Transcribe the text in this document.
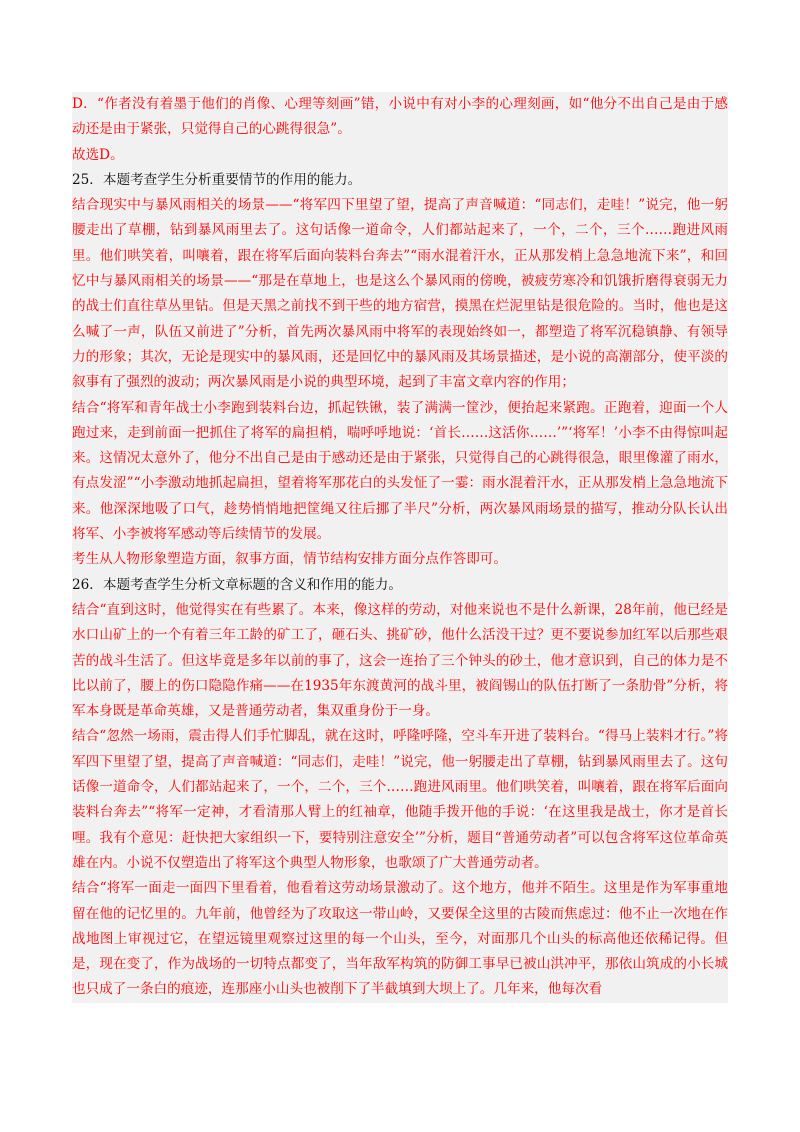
D．“作者没有着墨于他们的肖像、心理等刻画”错，小说中有对小李的心理刻画，如“他分不出自己是由于感动还是由于紧张，只觉得自己的心跳得很急”。

故选D。

25．本题考查学生分析重要情节的作用的能力。

结合现实中与暴风雨相关的场景——“将军四下里望了望，提高了声音喊道：“同志们，走哇！”说完，他一躬腰走出了草棚，钻到暴风雨里去了。这句话像一道命令，人们都站起来了，一个，二个，三个……跑进风雨里。他们哄笑着，叫嚷着，跟在将军后面向装料台奔去”“雨水混着汗水，正从那发梢上急急地流下来”，和回忆中与暴风雨相关的场景——“那是在草地上，也是这么个暴风雨的傍晚，被疲劳寒冷和饥饿折磨得衰弱无力的战士们直往草丛里钻。但是天黑之前找不到干些的地方宿营，摸黑在烂泥里钻是很危险的。当时，他也是这么喊了一声，队伍又前进了”分析，首先两次暴风雨中将军的表现始终如一，都塑造了将军沉稳镇静、有领导力的形象；其次，无论是现实中的暴风雨，还是回忆中的暴风雨及其场景描述，是小说的高潮部分，使平淡的叙事有了强烈的波动；两次暴风雨是小说的典型环境，起到了丰富文章内容的作用；

结合“将军和青年战士小李跑到装料台边，抓起铁锹，装了满满一筐沙，便抬起来紧跑。正跑着，迎面一个人跑过来，走到前面一把抓住了将军的扁担梢，喘呼呼地说：‘首长……这活你……’”‘将军！’小李不由得惊叫起来。这情况太意外了，他分不出自己是由于感动还是由于紧张，只觉得自己的心跳得很急，眼里像灌了雨水，有点发涩”“小李激动地抓起扁担，望着将军那花白的头发怔了一霎：雨水混着汗水，正从那发梢上急急地流下来。他深深地吸了口气，趁势悄悄地把筐绳又往后挪了半尺”分析，两次暴风雨场景的描写，推动分队长认出将军、小李被将军感动等后续情节的发展。

考生从人物形象塑造方面，叙事方面，情节结构安排方面分点作答即可。

26．本题考查学生分析文章标题的含义和作用的能力。

结合“直到这时，他觉得实在有些累了。本来，像这样的劳动，对他来说也不是什么新课，28年前，他已经是水口山矿上的一个有着三年工龄的矿工了，砸石头、挑矿砂，他什么活没干过？更不要说参加红军以后那些艰苦的战斗生活了。但这毕竟是多年以前的事了，这会一连抬了三个钟头的砂土，他才意识到，自己的体力是不比以前了，腰上的伤口隐隐作痛——在1935年东渡黄河的战斗里，被阎锡山的队伍打断了一条肋骨”分析，将军本身既是革命英雄，又是普通劳动者，集双重身份于一身。

结合“忽然一场雨，震击得人们手忙脚乱，就在这时，呼隆呼隆，空斗车开进了装料台。“得马上装料才行。”将军四下里望了望，提高了声音喊道：“同志们，走哇！”说完，他一躬腰走出了草棚，钻到暴风雨里去了。这句话像一道命令，人们都站起来了，一个，二个，三个……跑进风雨里。他们哄笑着，叫嚷着，跟在将军后面向装料台奔去”“将军一定神，才看清那人臂上的红袖章，他随手拨开他的手说：‘在这里我是战士，你才是首长哩。我有个意见：赶快把大家组织一下，要特别注意安全’”分析，题目“普通劳动者”可以包含将军这位革命英雄在内。小说不仅塑造出了将军这个典型人物形象，也歌颂了广大普通劳动者。

结合“将军一面走一面四下里看着，他看着这劳动场景激动了。这个地方，他并不陌生。这里是作为军事重地留在他的记忆里的。九年前，他曾经为了攻取这一带山岭，又要保全这里的古陵而焦虑过：他不止一次地在作战地图上审视过它，在望远镜里观察过这里的每一个山头，至今，对面那几个山头的标高他还依稀记得。但是，现在变了，作为战场的一切特点都变了，当年敌军构筑的防御工事早已被山洪冲平，那依山筑成的小长城也只成了一条白的痕迹，连那座小山头也被削下了半截填到大坝上了。几年来，他每次看
